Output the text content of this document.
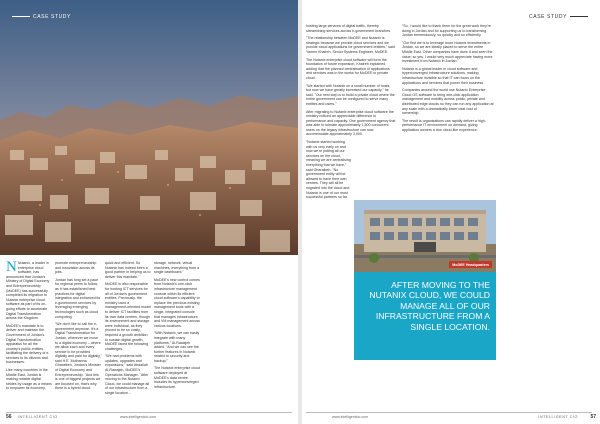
CASE STUDY

N Nutanix, a leader in enterprise cloud software, has announced that Jordan's Ministry of Digital Economy and Entrepreneurship (MoDEE) has successfully completed its migration to Nutanix enterprise cloud software as part of its on-going efforts to accelerate Digital Transformation across the Kingdom.

MoDEE's mandate is to deliver and maintain the Government of Jordan's Digital Transformation apparatus for all the country's public entities, facilitating the delivery of e-services to its citizens and businesses.

Like many countries in the Middle East, Jordan is making notable digital strides by usage as a means to empower its economy,

promote entrepreneurship and innovation across its jobs.

Jordan has long set a pace for regional peers to follow, as it has established best practices for digital integration and enhanced its e-government services by leveraging emerging technologies such as cloud computing.

"We don't like to call the e-government anymore. It's a Digital Transformation for Jordan, wherever we move to a digital economy – where we allow each and every service to be provided digitally and paid for digitally," said H.E. Muthanna Gharaibeh, Jordan's Minister of Digital Economy and Entrepreneurship. "And this is one of biggest projects we are focused on, that's why there is a hybrid cloud.

56 INTELLIGENT CIO	www.intelligentcio.com
CASE STUDY

hosting large services of digital traffic, thereby streamlining services across e-government branches.

"The relationship between MoDEE and Nutanix is strategic because we provide cloud services and we provide cloud applications for government entities," said Yamen Khaireh, Senior Systems Engineer, MoDEE.

The Nutanix enterprise cloud software will form the foundation of future expansion, Khaireh explained, adding that the planned centralisation of applications and services was in the works for MoDEE to private cloud.

"We started with Nutanix on a small number of hosts, but now we have greatly increased our capacity," he said. "Our next step is to build a private cloud where the entire government can be configured to serve many entities and users."

After migrating to Nutanix enterprise cloud software the ministry noticed an appreciable difference in performance and capacity. One government agency that was able to tolerate approximately 1,500 concurrent users on the legacy infrastructure can now accommodate approximately 3,000.

"Nutanix started working with us very early on and now we're putting all our services on the cloud, meaning we are centralising everything that we have," said Gharaibeh. "No government entity will be allowed to have their own centres. They will all be migrated into the cloud and Nutanix is one of our most successful partners so far.

"So, I would like to thank them for the great work they're doing in Jordan and for supporting us to transforming Jordan tremendously, so quickly and so efficiently.

"Our first we is to leverage more Nutanix investments in Jordan, so we are ideally placed to serve the entire Middle East. Other companies have done it and seen the value; so yes, I would very much appreciate having more investment from Nutanix in Jordan."

Nutanix is a global leader in cloud software and hyperconverged infrastructure solutions, making infrastructure invisible so that IT can focus on the applications and services that power their business.

Companies around the world use Nutanix Enterprise Cloud OS software to bring one-click application management and mobility across public, private and distributed edge clouds so they can run any application at any scale with a dramatically lower total cost of ownership.

The result is organisations can rapidly deliver a high-performance IT environment on demand, giving application owners a true cloud-like experience.

MoDEE Headquarters
AFTER MOVING TO THE NUTANIX CLOUD, WE COULD MANAGE ALL OF OUR INFRASTRUCTURE FROM A SINGLE LOCATION.
www.intelligentcio.com	INTELLIGENT CIO 57

quick and efficient. So Nutanix has indeed been a good partner in helping us to deliver this mandate."

MoDEE is also responsible for hosting ICT services for all of Jordan's government entities. Previously, the ministry used a management-oriented model to deliver ICT facilities from its own data centres, though its environment and storage were individual, as they proved to be so costly, required a growth ambition to sustain digital growth, MoDEE faced the following challenges.

"We had problems with updates, upgrades and expansions," said Abdallah Al-Rawajeh, MoDEE's Operations Manager. "After moving to the Nutanix Cloud, we could manage all of our infrastructure from a single location –

storage, network, virtual machines, everything from a single dashboard."

MoDEE's new control comes from Nutanix's one-click infrastructure management console within its efficient cloud software's capability to replace the previous existing management tools with a single, integrated console that manages infrastructure, and VM management across various locations.

"With Nutanix, we can easily integrate with many platforms," Al-Rawajeh added. "And we can see the further features in Nutanix related to security and backup."

The Nutanix enterprise cloud software deployed at MoDEE's data centre includes its hyperconverged infrastructure.
